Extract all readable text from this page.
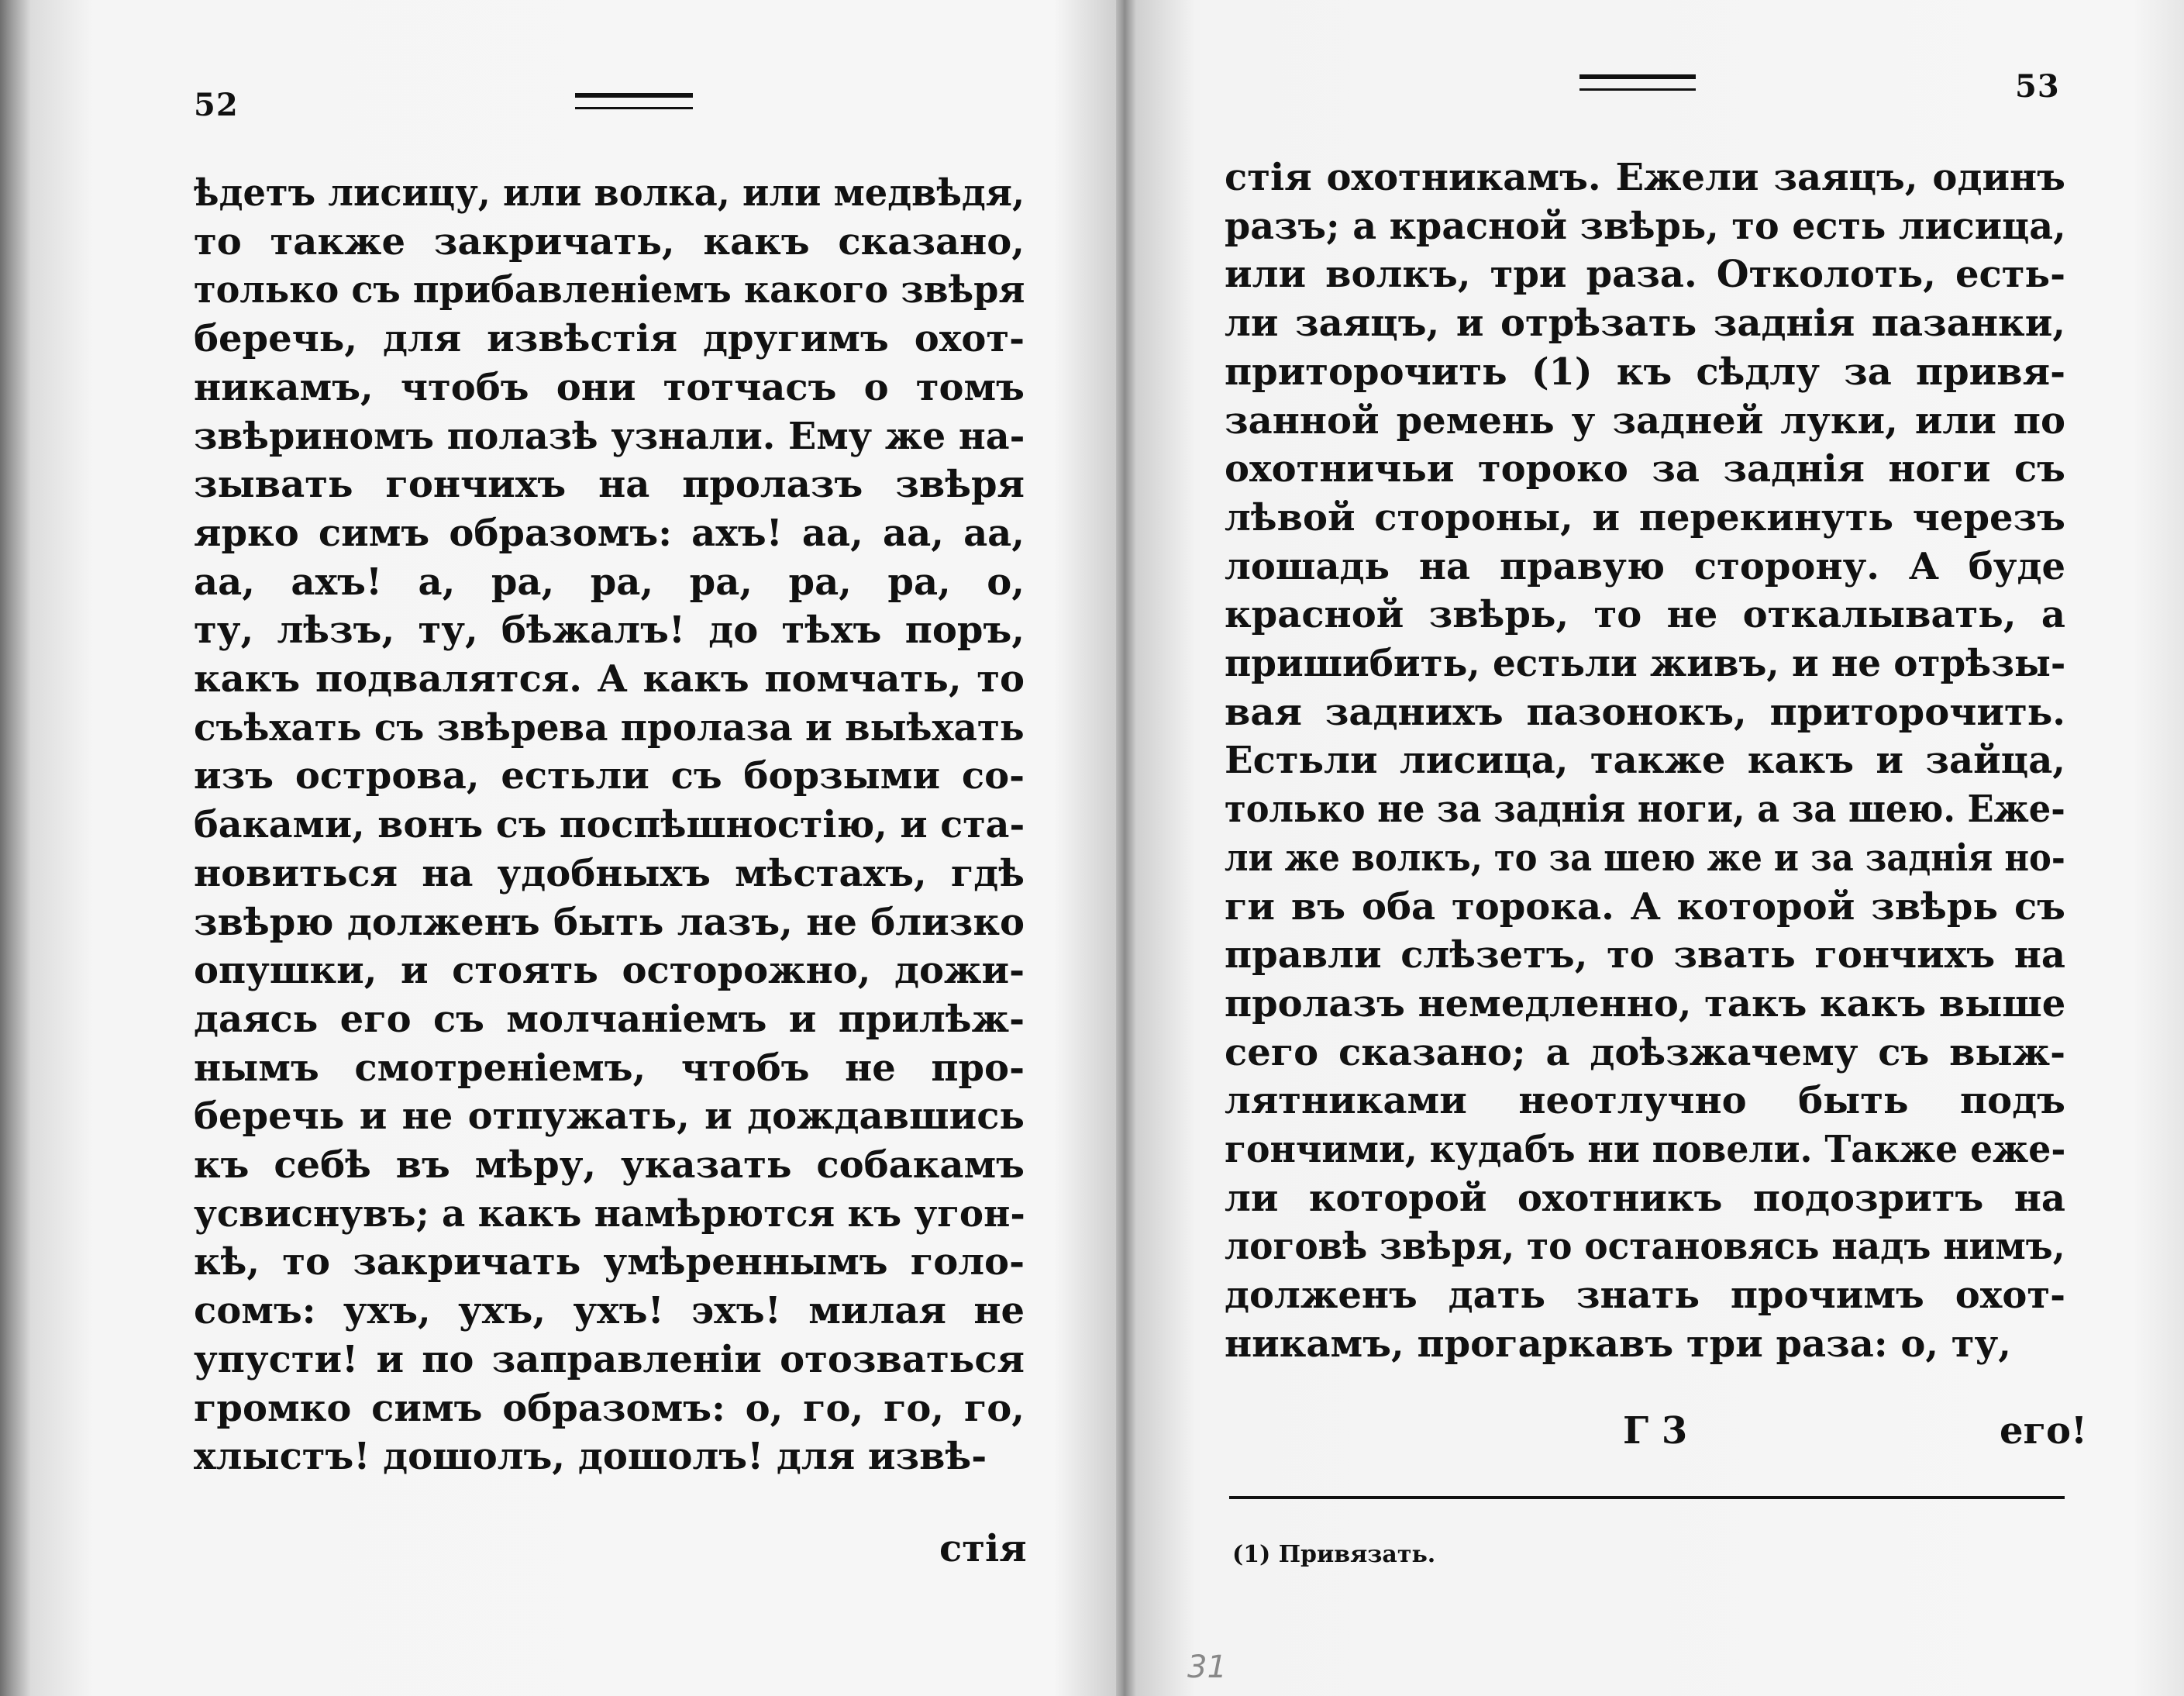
52
ѣдетъ лисицу, или волка, или медвѣдя,
то также закричать, какъ сказано,
только съ прибавленіемъ какого звѣря
беречь, для извѣстія другимъ охот-
никамъ, чтобъ они тотчасъ о томъ
звѣриномъ полазѣ узнали. Ему же на-
зывать гончихъ на пролазъ звѣря
ярко симъ образомъ: ахъ! аа, аа, аа,
аа, ахъ! а, ра, ра, ра, ра, ра, о,
ту, лѣзъ, ту, бѣжалъ! до тѣхъ поръ,
какъ подвалятся. А какъ помчать, то
съѣхать съ звѣрева пролаза и выѣхать
изъ острова, естьли съ борзыми со-
баками, вонъ съ поспѣшностію, и ста-
новиться на удобныхъ мѣстахъ, гдѣ
звѣрю долженъ быть лазъ, не близко
опушки, и стоять осторожно, дожи-
даясь его съ молчаніемъ и прилѣж-
нымъ смотреніемъ, чтобъ не про-
беречь и не отпужать, и дождавшись
къ себѣ въ мѣру, указать собакамъ
усвиснувъ; а какъ намѣрются къ угон-
кѣ, то закричать умѣреннымъ голо-
сомъ: ухъ, ухъ, ухъ! эхъ! милая не
упусти! и по заправленіи отозваться
громко симъ образомъ: о, го, го, го,
хлыстъ! дошолъ, дошолъ! для извѣ-
стія
53
стія охотникамъ. Ежели заяцъ, одинъ
разъ; а красной звѣрь, то есть лисица,
или волкъ, три раза. Отколоть, есть-
ли заяцъ, и отрѣзать заднія пазанки,
приторочить (1) къ сѣдлу за привя-
занной ремень у задней луки, или по
охотничьи тороко за заднія ноги съ
лѣвой стороны, и перекинуть черезъ
лошадь на правую сторону. А буде
красной звѣрь, то не откалывать, а
пришибить, естьли живъ, и не отрѣзы-
вая заднихъ пазонокъ, приторочить.
Естьли лисица, также какъ и зайца,
только не за заднія ноги, а за шею. Еже-
ли же волкъ, то за шею же и за заднія но-
ги въ оба торока. А которой звѣрь съ
правли слѣзетъ, то звать гончихъ на
пролазъ немедленно, такъ какъ выше
сего сказано; а доѣзжачему съ выж-
лятниками неотлучно быть подъ
гончими, кудабъ ни повели. Также еже-
ли которой охотникъ подозритъ на
логовѣ звѣря, то остановясь надъ нимъ,
долженъ дать знать прочимъ охот-
никамъ, прогаркавъ три раза: о, ту,
Г 3	его!
(1) Привязать.
31
